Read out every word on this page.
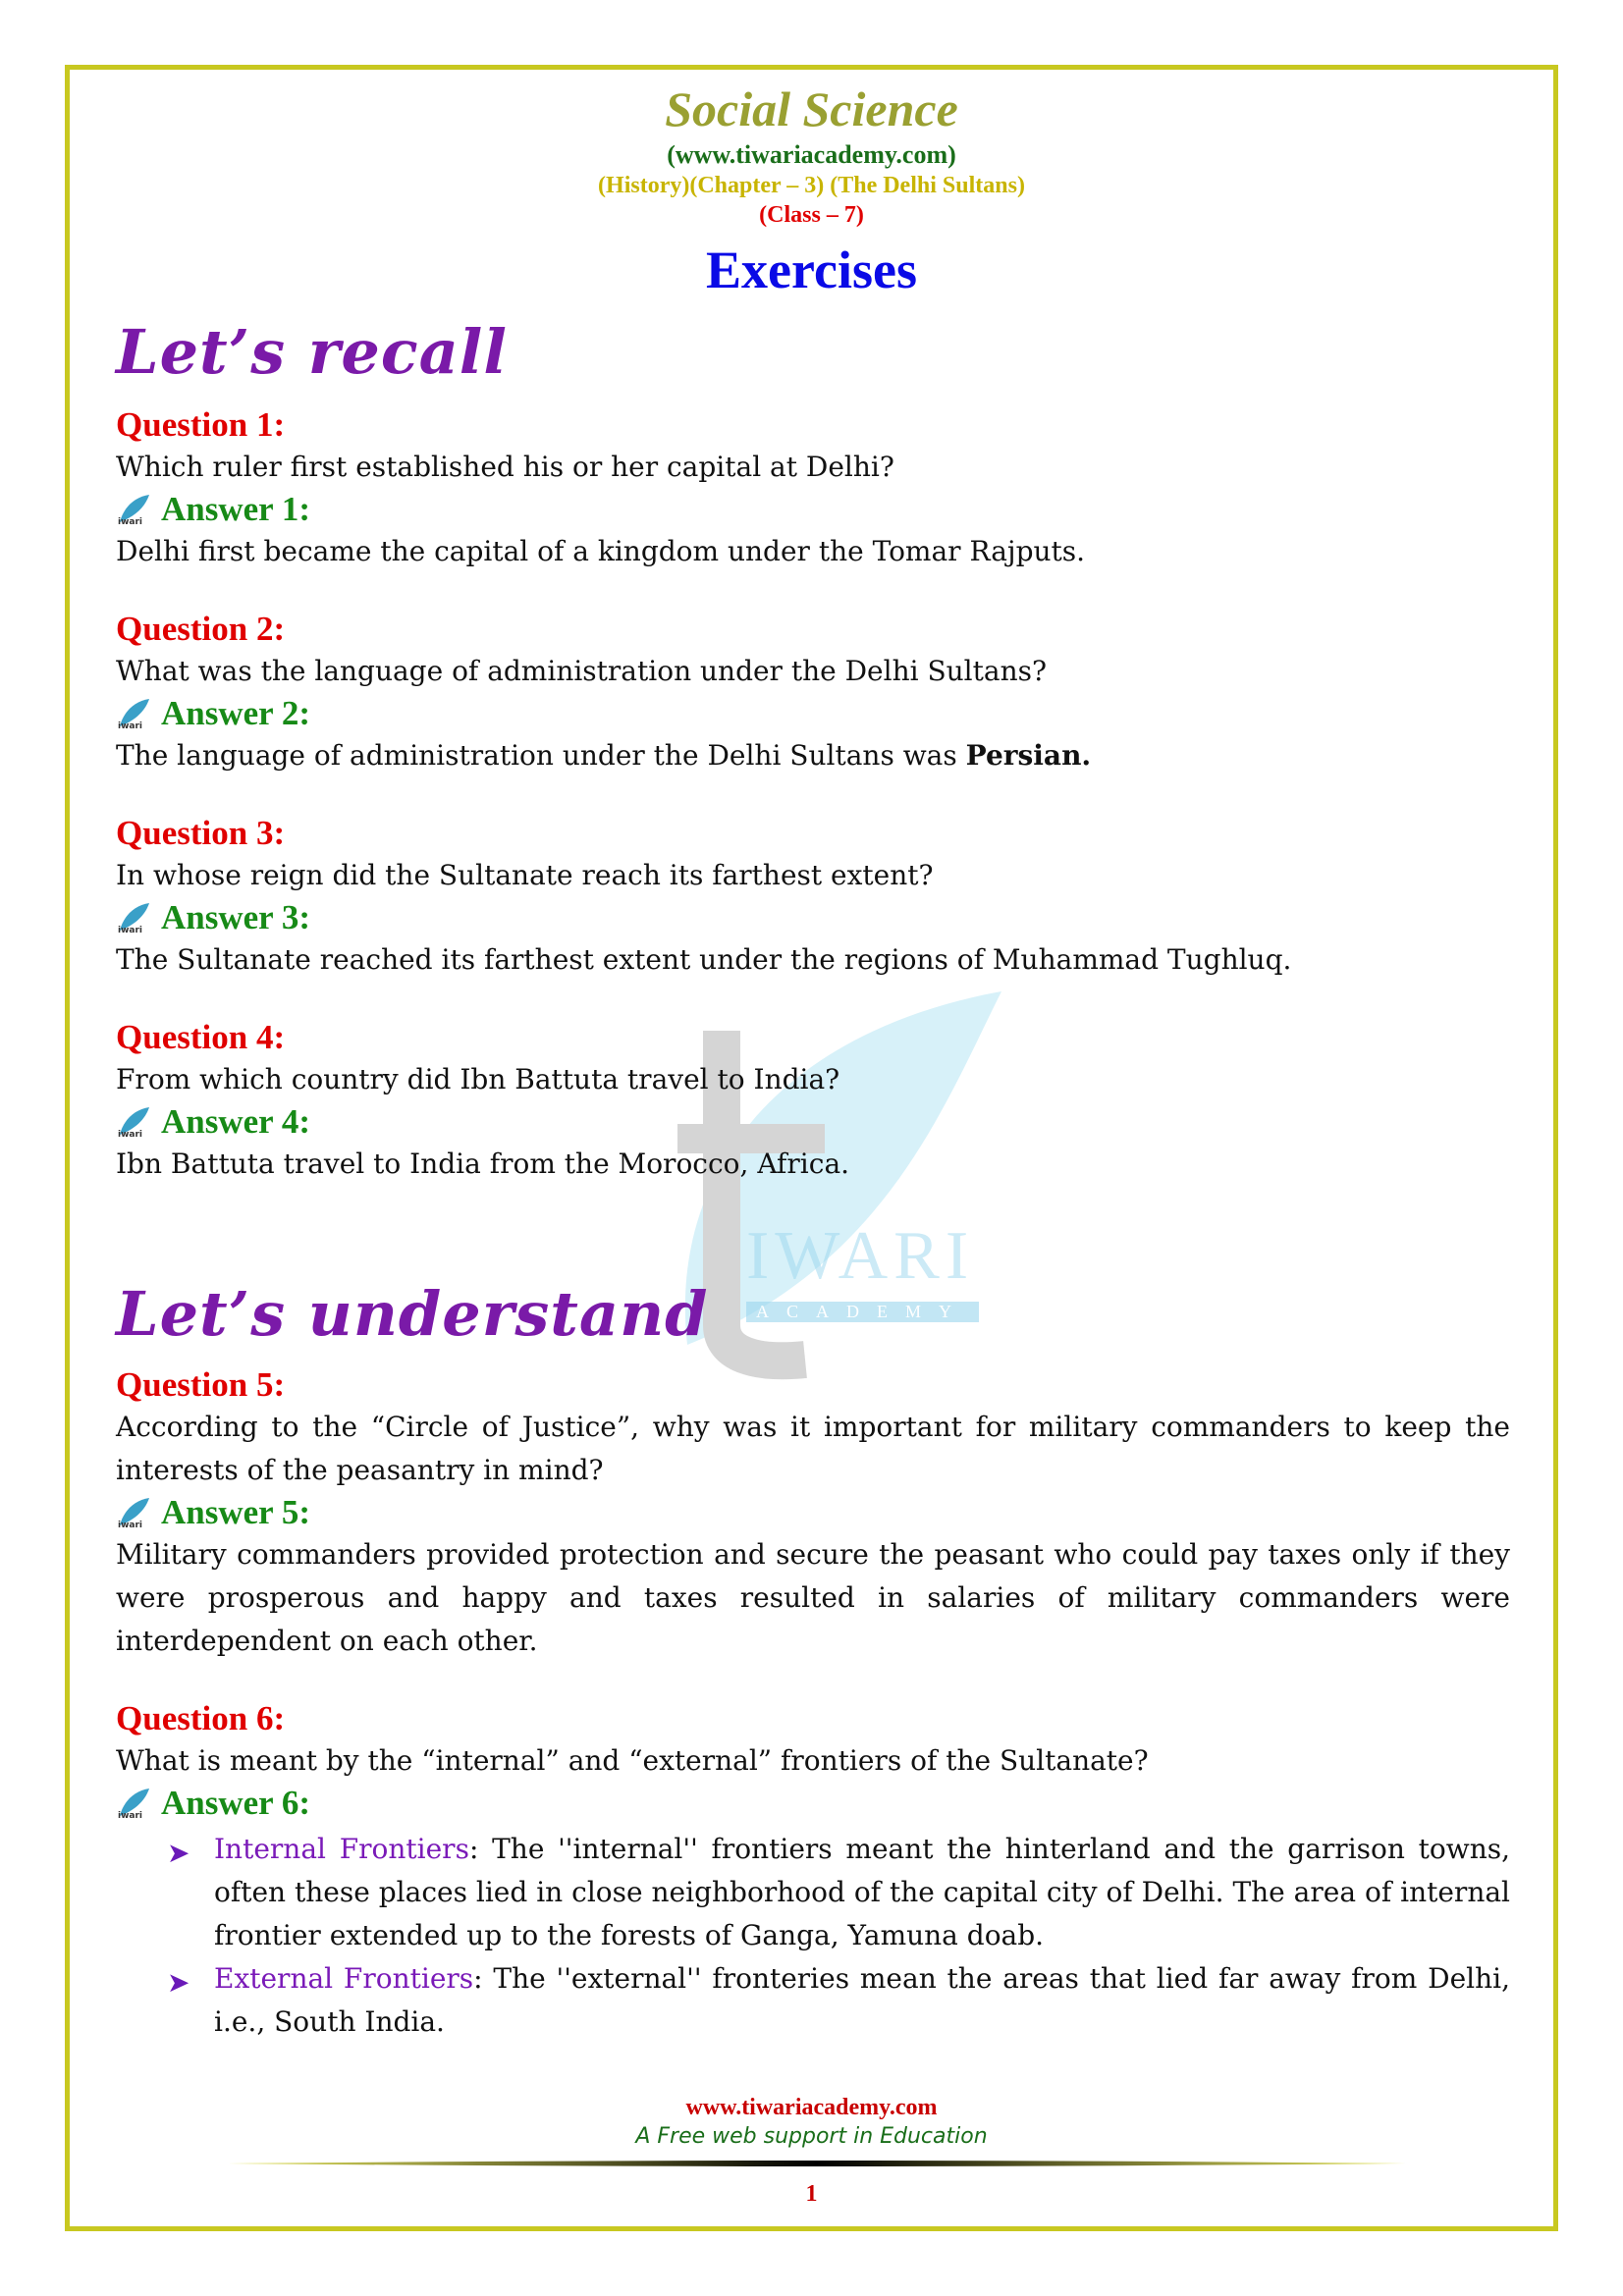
IWARI
ACADEMY
Social Science
(www.tiwariacademy.com)
(History)(Chapter – 3) (The Delhi Sultans)
(Class – 7)
Exercises
Let’s recall
Question 1:
Which ruler first established his or her capital at Delhi?
iwari Answer 1:
Delhi first became the capital of a kingdom under the Tomar Rajputs.
Question 2:
What was the language of administration under the Delhi Sultans?
iwari Answer 2:
The language of administration under the Delhi Sultans was Persian.
Question 3:
In whose reign did the Sultanate reach its farthest extent?
iwari Answer 3:
The Sultanate reached its farthest extent under the regions of Muhammad Tughluq.
Question 4:
From which country did Ibn Battuta travel to India?
iwari Answer 4:
Ibn Battuta travel to India from the Morocco, Africa.
Let’s understand
Question 5:
According to the “Circle of Justice”, why was it important for military commanders to keep the interests of the peasantry in mind?
iwari Answer 5:
Military commanders provided protection and secure the peasant who could pay taxes only if they were prosperous and happy and taxes resulted in salaries of military commanders were interdependent on each other.
Question 6:
What is meant by the “internal” and “external” frontiers of the Sultanate?
iwari Answer 6:
➤ Internal Frontiers: The ''internal'' frontiers meant the hinterland and the garrison towns, often these places lied in close neighborhood of the capital city of Delhi. The area of internal frontier extended up to the forests of Ganga, Yamuna doab.
➤ External Frontiers: The ''external'' fronteries mean the areas that lied far away from Delhi, i.e., South India.
www.tiwariacademy.com
A Free web support in Education
1
